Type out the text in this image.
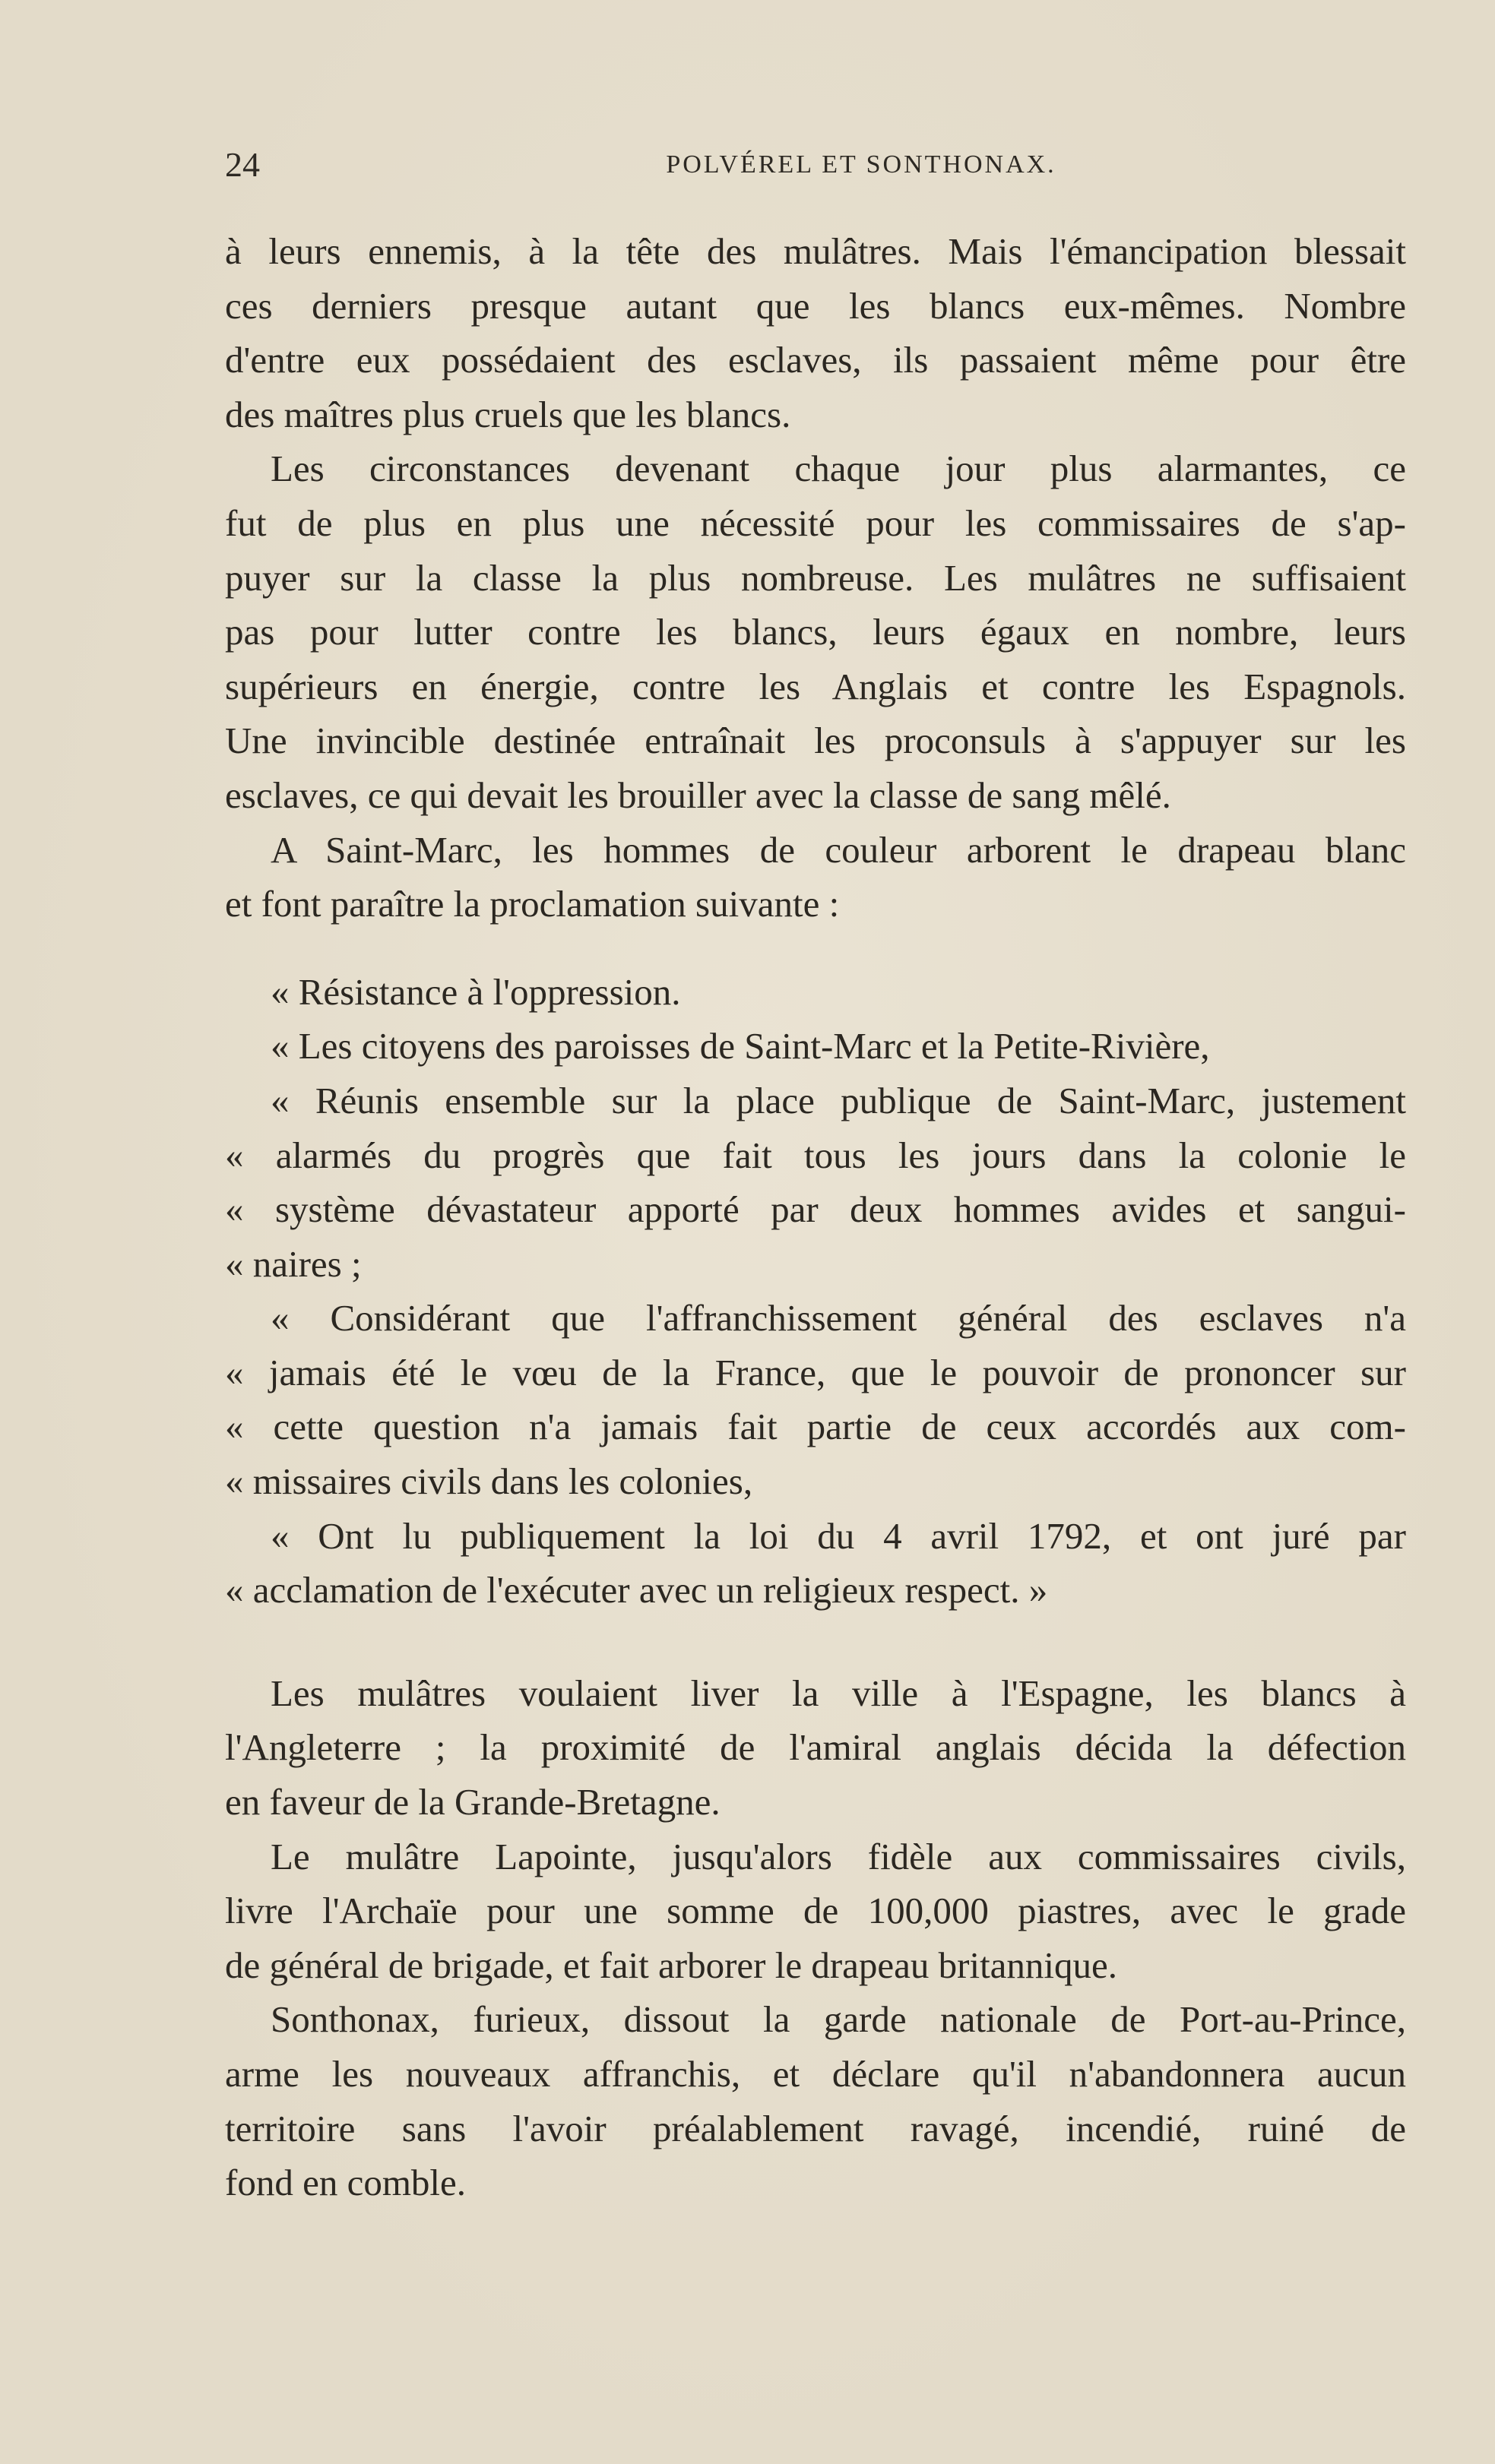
24	POLVÉREL ET SONTHONAX.

à leurs ennemis, à la tête des mulâtres. Mais l'émancipation blessait

ces derniers presque autant que les blancs eux-mêmes. Nombre

d'entre eux possédaient des esclaves, ils passaient même pour être

des maîtres plus cruels que les blancs.

Les circonstances devenant chaque jour plus alarmantes, ce

fut de plus en plus une nécessité pour les commissaires de s'ap-

puyer sur la classe la plus nombreuse. Les mulâtres ne suffisaient

pas pour lutter contre les blancs, leurs égaux en nombre, leurs

supérieurs en énergie, contre les Anglais et contre les Espagnols.

Une invincible destinée entraînait les proconsuls à s'appuyer sur les

esclaves, ce qui devait les brouiller avec la classe de sang mêlé.

A Saint-Marc, les hommes de couleur arborent le drapeau blanc

et font paraître la proclamation suivante :

« Résistance à l'oppression.

« Les citoyens des paroisses de Saint-Marc et la Petite-Rivière,

« Réunis ensemble sur la place publique de Saint-Marc, justement

« alarmés du progrès que fait tous les jours dans la colonie le

« système dévastateur apporté par deux hommes avides et sangui-

« naires ;

« Considérant que l'affranchissement général des esclaves n'a

« jamais été le vœu de la France, que le pouvoir de prononcer sur

« cette question n'a jamais fait partie de ceux accordés aux com-

« missaires civils dans les colonies,

« Ont lu publiquement la loi du 4 avril 1792, et ont juré par

« acclamation de l'exécuter avec un religieux respect. »

Les mulâtres voulaient liver la ville à l'Espagne, les blancs à

l'Angleterre ; la proximité de l'amiral anglais décida la défection

en faveur de la Grande-Bretagne.

Le mulâtre Lapointe, jusqu'alors fidèle aux commissaires civils,

livre l'Archaïe pour une somme de 100,000 piastres, avec le grade

de général de brigade, et fait arborer le drapeau britannique.

Sonthonax, furieux, dissout la garde nationale de Port-au-Prince,

arme les nouveaux affranchis, et déclare qu'il n'abandonnera aucun

territoire sans l'avoir préalablement ravagé, incendié, ruiné de

fond en comble.
